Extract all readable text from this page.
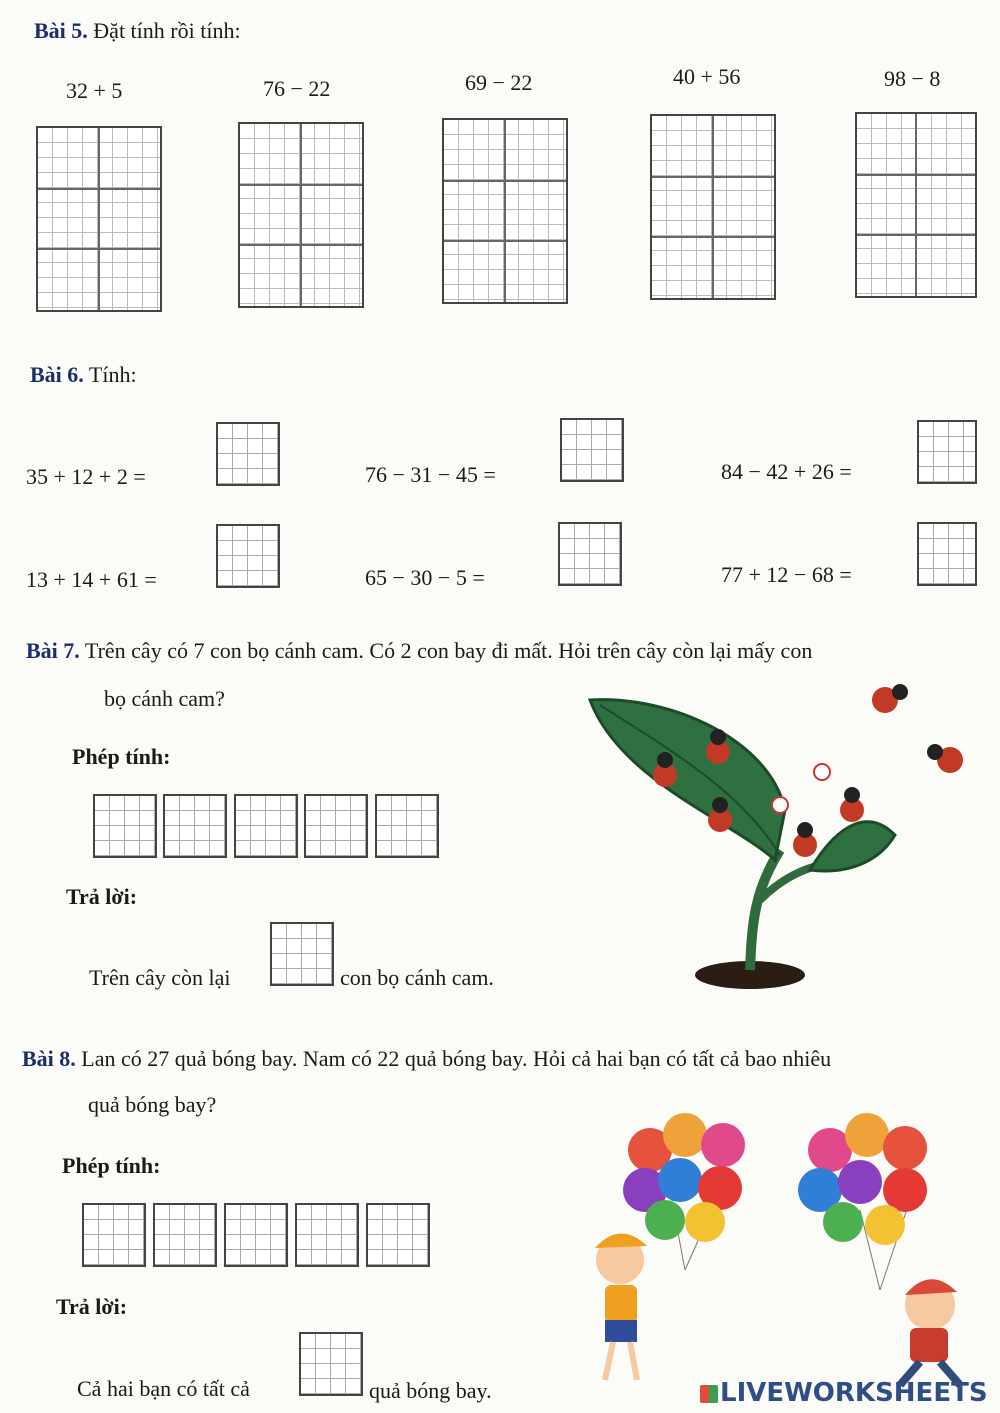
Bài 5. Đặt tính rồi tính:
32 + 5	76 − 22	69 − 22	40 + 56	98 − 8
Bài 6. Tính:
35 + 12 + 2 =	76 − 31 − 45 =	84 − 42 + 26 =
13 + 14 + 61 =	65 − 30 − 5 =	77 + 12 − 68 =
Bài 7. Trên cây có 7 con bọ cánh cam. Có 2 con bay đi mất. Hỏi trên cây còn lại mấy con
bọ cánh cam?
Phép tính:
Trả lời:
Trên cây còn lại	con bọ cánh cam.
Bài 8. Lan có 27 quả bóng bay. Nam có 22 quả bóng bay. Hỏi cả hai bạn có tất cả bao nhiêu
quả bóng bay?
Phép tính:
Trả lời:
Cả hai bạn có tất cả	quả bóng bay.	LIVEWORKSHEETS
